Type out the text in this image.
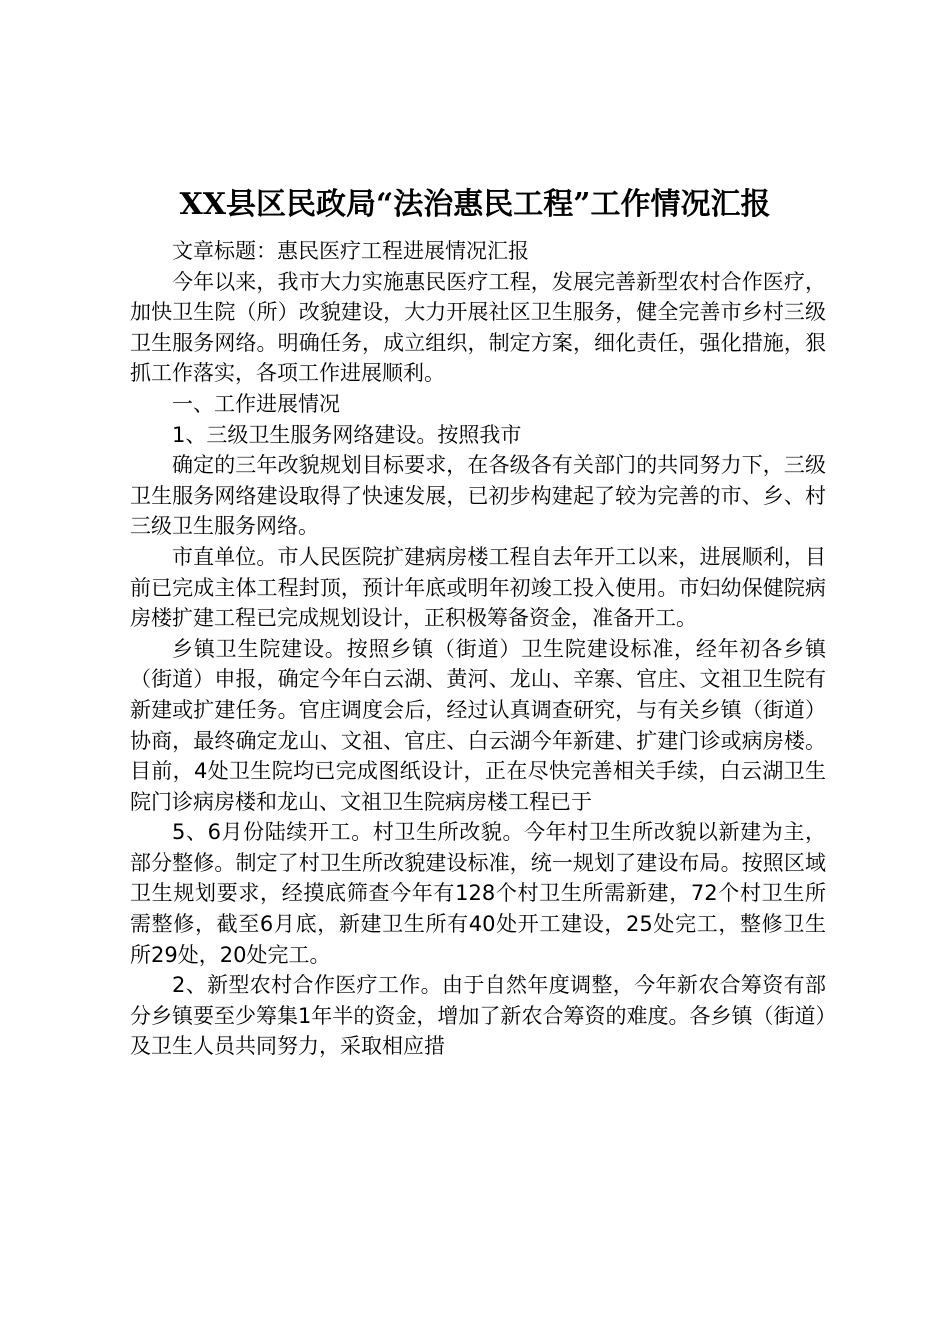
XX县区民政局“法治惠民工程”工作情况汇报

文章标题：惠民医疗工程进展情况汇报

今年以来，我市大力实施惠民医疗工程，发展完善新型农村合作医疗，加快卫生院（所）改貌建设，大力开展社区卫生服务，健全完善市乡村三级卫生服务网络。明确任务，成立组织，制定方案，细化责任，强化措施，狠抓工作落实，各项工作进展顺利。

一、工作进展情况

1、三级卫生服务网络建设。按照我市

确定的三年改貌规划目标要求，在各级各有关部门的共同努力下，三级卫生服务网络建设取得了快速发展，已初步构建起了较为完善的市、乡、村三级卫生服务网络。

市直单位。市人民医院扩建病房楼工程自去年开工以来，进展顺利，目前已完成主体工程封顶，预计年底或明年初竣工投入使用。市妇幼保健院病房楼扩建工程已完成规划设计，正积极筹备资金，准备开工。

乡镇卫生院建设。按照乡镇（街道）卫生院建设标准，经年初各乡镇（街道）申报，确定今年白云湖、黄河、龙山、辛寨、官庄、文祖卫生院有新建或扩建任务。官庄调度会后，经过认真调查研究，与有关乡镇（街道）协商，最终确定龙山、文祖、官庄、白云湖今年新建、扩建门诊或病房楼。目前，4处卫生院均已完成图纸设计，正在尽快完善相关手续，白云湖卫生院门诊病房楼和龙山、文祖卫生院病房楼工程已于

5、6月份陆续开工。村卫生所改貌。今年村卫生所改貌以新建为主，部分整修。制定了村卫生所改貌建设标准，统一规划了建设布局。按照区域卫生规划要求，经摸底筛查今年有128个村卫生所需新建，72个村卫生所需整修，截至6月底，新建卫生所有40处开工建设，25处完工，整修卫生所29处，20处完工。

2、新型农村合作医疗工作。由于自然年度调整，今年新农合筹资有部分乡镇要至少筹集1年半的资金，增加了新农合筹资的难度。各乡镇（街道）及卫生人员共同努力，采取相应措
